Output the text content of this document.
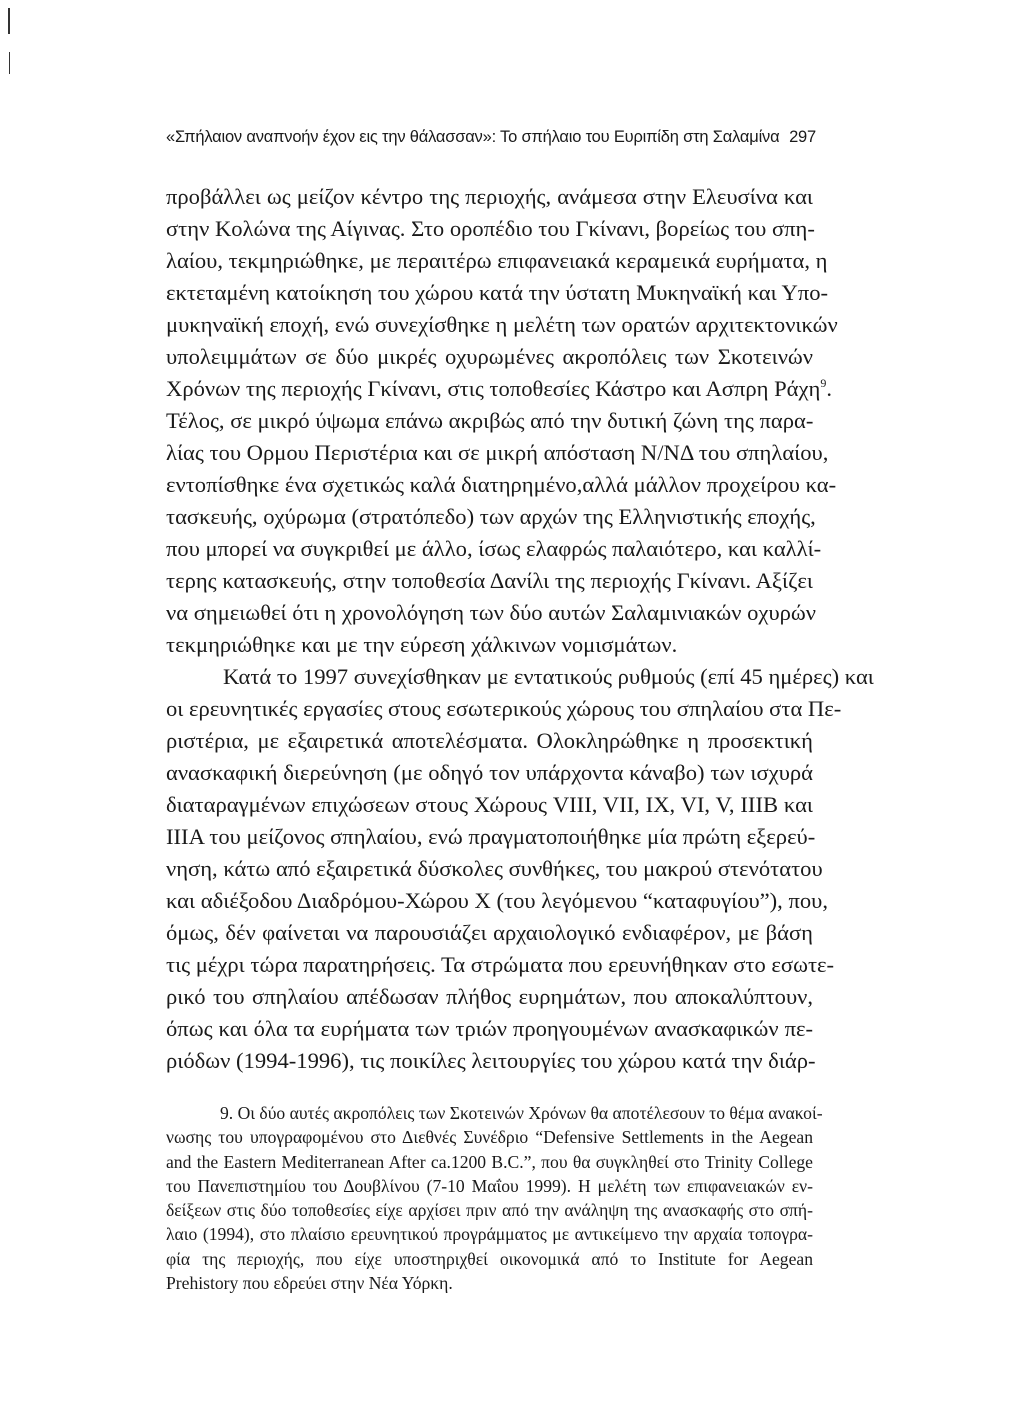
«Σπήλαιον αναπνοήν έχον εις την θάλασσαν»: Το σπήλαιο του Ευριπίδη στη Σαλαμίνα 297
προβάλλει ως μείζον κέντρο της περιοχής, ανάμεσα στην Ελευσίνα και
στην Κολώνα της Αίγινας. Στο οροπέδιο του Γκίνανι, βορείως του σπη-
λαίου, τεκμηριώθηκε, με περαιτέρω επιφανειακά κεραμεικά ευρήματα, η
εκτεταμένη κατοίκηση του χώρου κατά την ύστατη Μυκηναϊκή και Υπο-
μυκηναϊκή εποχή, ενώ συνεχίσθηκε η μελέτη των ορατών αρχιτεκτονικών
υπολειμμάτων σε δύο μικρές οχυρωμένες ακροπόλεις των Σκοτεινών
Χρόνων της περιοχής Γκίνανι, στις τοποθεσίες Κάστρο και Ασπρη Ράχη$^9$.
Τέλος, σε μικρό ύψωμα επάνω ακριβώς από την δυτική ζώνη της παρα-
λίας του Ορμου Περιστέρια και σε μικρή απόσταση Ν/ΝΔ του σπηλαίου,
εντοπίσθηκε ένα σχετικώς καλά διατηρημένο,αλλά μάλλον προχείρου κα-
τασκευής, οχύρωμα (στρατόπεδο) των αρχών της Ελληνιστικής εποχής,
που μπορεί να συγκριθεί με άλλο, ίσως ελαφρώς παλαιότερο, και καλλί-
τερης κατασκευής, στην τοποθεσία Δανίλι της περιοχής Γκίνανι. Αξίζει
να σημειωθεί ότι η χρονολόγηση των δύο αυτών Σαλαμινιακών οχυρών
τεκμηριώθηκε και με την εύρεση χάλκινων νομισμάτων.
Κατά το 1997 συνεχίσθηκαν με εντατικούς ρυθμούς (επί 45 ημέρες) και
οι ερευνητικές εργασίες στους εσωτερικούς χώρους του σπηλαίου στα Πε-
ριστέρια, με εξαιρετικά αποτελέσματα. Ολοκληρώθηκε η προσεκτική
ανασκαφική διερεύνηση (με οδηγό τον υπάρχοντα κάναβο) των ισχυρά
διαταραγμένων επιχώσεων στους Χώρους VIII, VII, IX, VI, V, IIIB και
IIIA του μείζονος σπηλαίου, ενώ πραγματοποιήθηκε μία πρώτη εξερεύ-
νηση, κάτω από εξαιρετικά δύσκολες συνθήκες, του μακρού στενότατου
και αδιέξοδου Διαδρόμου-Χώρου Χ (του λεγόμενου “καταφυγίου”), που,
όμως, δέν φαίνεται να παρουσιάζει αρχαιολογικό ενδιαφέρον, με βάση
τις μέχρι τώρα παρατηρήσεις. Τα στρώματα που ερευνήθηκαν στο εσωτε-
ρικό του σπηλαίου απέδωσαν πλήθος ευρημάτων, που αποκαλύπτουν,
όπως και όλα τα ευρήματα των τριών προηγουμένων ανασκαφικών πε-
ριόδων (1994-1996), τις ποικίλες λειτουργίες του χώρου κατά την διάρ-
9. Οι δύο αυτές ακροπόλεις των Σκοτεινών Χρόνων θα αποτέλεσουν το θέμα ανακοί-
νωσης του υπογραφομένου στο Διεθνές Συνέδριο “Defensive Settlements in the Aegean
and the Eastern Mediterranean After ca.1200 B.C.”, που θα συγκληθεί στο Trinity College
του Πανεπιστημίου του Δουβλίνου (7-10 Μαΐου 1999). Η μελέτη των επιφανειακών εν-
δείξεων στις δύο τοποθεσίες είχε αρχίσει πριν από την ανάληψη της ανασκαφής στο σπή-
λαιο (1994), στο πλαίσιο ερευνητικού προγράμματος με αντικείμενο την αρχαία τοπογρα-
φία της περιοχής, που είχε υποστηριχθεί οικονομικά από το Institute for Aegean
Prehistory που εδρεύει στην Νέα Υόρκη.
